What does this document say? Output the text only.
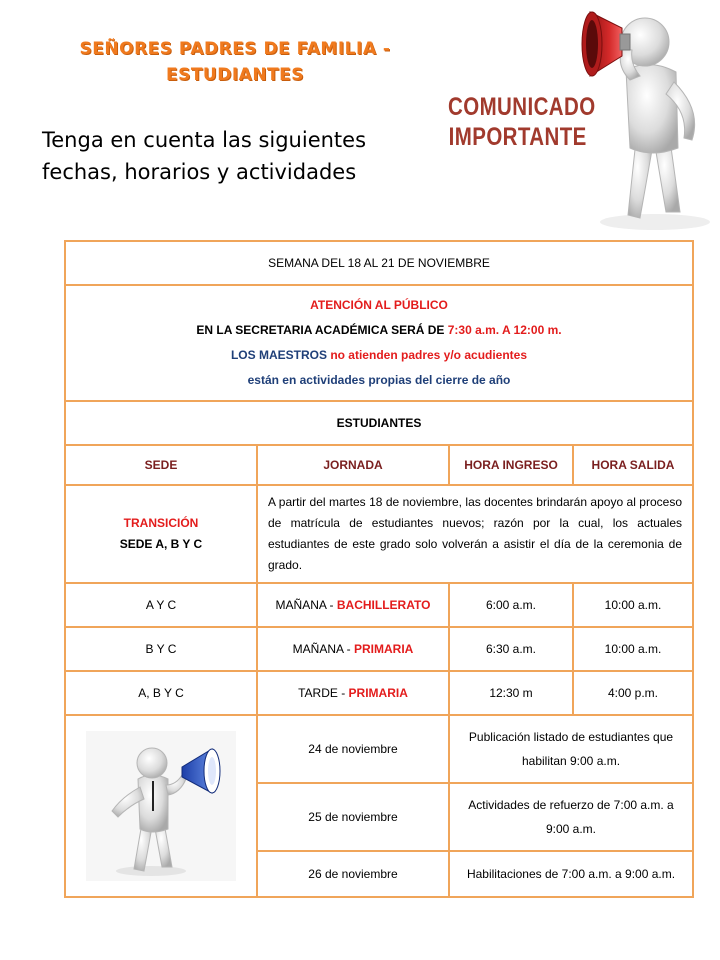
SEÑORES PADRES DE FAMILIA -
ESTUDIANTES
Tenga en cuenta las siguientes
fechas, horarios y actividades
COMUNICADO
IMPORTANTE
SEMANA DEL 18 AL 21 DE NOVIEMBRE			

ATENCIÓN AL PÚBLICO
EN LA SECRETARIA ACADÉMICA SERÁ DE 7:30 a.m. A 12:00 m.
LOS MAESTROS no atienden padres y/o acudientes
están en actividades propias del cierre de año			

ESTUDIANTES			
SEDE	JORNADA	HORA INGRESO	HORA SALIDA

TRANSICIÓN
SEDE A, B Y C	A partir del martes 18 de noviembre, las docentes brindarán apoyo al proceso de matrícula de estudiantes nuevos; razón por la cual, los actuales estudiantes de este grado solo volverán a asistir el día de la ceremonia de grado.		
A Y C	MAÑANA - BACHILLERATO	6:00 a.m.	10:00 a.m.
B Y C	MAÑANA - PRIMARIA	6:30 a.m.	10:00 a.m.
A, B Y C	TARDE - PRIMARIA	12:30 m	4:00 p.m.

	24 de noviembre	Publicación listado de estudiantes que habilitan 9:00 a.m.	
	25 de noviembre	Actividades de refuerzo de 7:00 a.m. a 9:00 a.m.	
	26 de noviembre	Habilitaciones de 7:00 a.m. a 9:00 a.m.	
